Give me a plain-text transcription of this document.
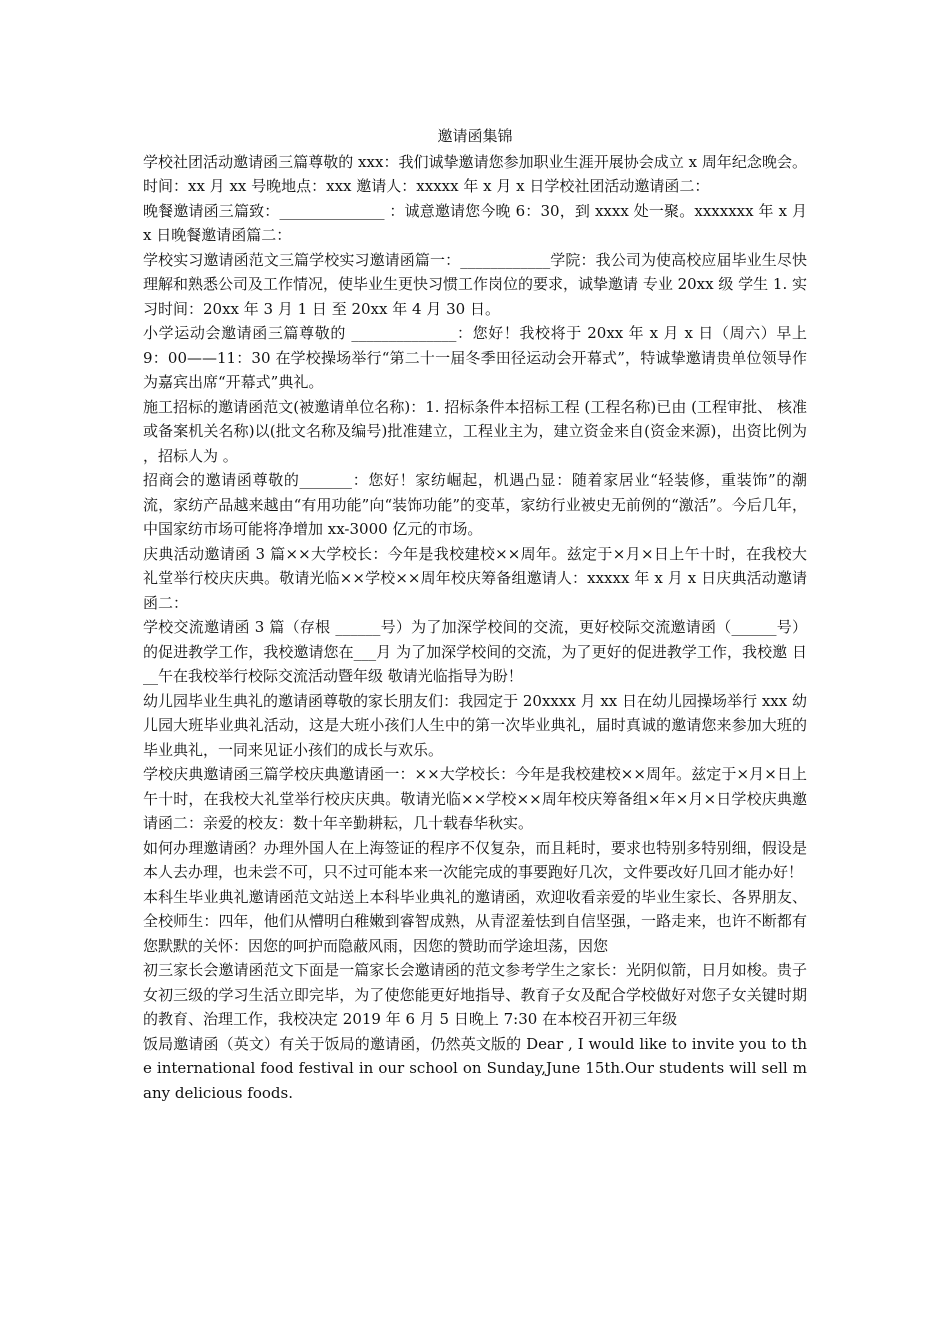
邀请函集锦

学校社团活动邀请函三篇尊敬的 xxx：我们诚挚邀请您参加职业生涯开展协会成立 x 周年纪念晚会。时间：xx 月 xx 号晚地点：xxx 邀请人：xxxxx 年 x 月 x 日学校社团活动邀请函二：

晚餐邀请函三篇致：______________ ：诚意邀请您今晚 6：30，到 xxxx 处一聚。xxxxxxx 年 x 月 x 日晚餐邀请函篇二：

学校实习邀请函范文三篇学校实习邀请函篇一：____________学院：我公司为使高校应届毕业生尽快理解和熟悉公司及工作情况，使毕业生更快习惯工作岗位的要求，诚挚邀请 专业 20xx 级 学生 1. 实习时间：20xx 年 3 月 1 日 至 20xx 年 4 月 30 日。

小学运动会邀请函三篇尊敬的 ______________：您好！我校将于 20xx 年 x 月 x 日（周六）早上 9：00——11：30 在学校操场举行“第二十一届冬季田径运动会开幕式”，特诚挚邀请贵单位领导作为嘉宾出席“开幕式”典礼。

施工招标的邀请函范文(被邀请单位名称)：1. 招标条件本招标工程 (工程名称)已由 (工程审批、 核准或备案机关名称)以(批文名称及编号)批准建立，工程业主为，建立资金来自(资金来源)，出资比例为 ，招标人为 。

招商会的邀请函尊敬的_______：您好！家纺崛起，机遇凸显：随着家居业“轻装修，重装饰”的潮流，家纺产品越来越由“有用功能”向“装饰功能”的变革，家纺行业被史无前例的“激活”。今后几年，中国家纺市场可能将净增加 xx-3000 亿元的市场。

庆典活动邀请函 3 篇××大学校长：今年是我校建校××周年。兹定于×月×日上午十时，在我校大礼堂举行校庆庆典。敬请光临××学校××周年校庆筹备组邀请人：xxxxx 年 x 月 x 日庆典活动邀请函二：

学校交流邀请函 3 篇（存根 ______号）为了加深学校间的交流，更好校际交流邀请函（______号）的促进教学工作，我校邀请您在___月 为了加深学校间的交流，为了更好的促进教学工作，我校邀 日__午在我校举行校际交流活动暨年级 敬请光临指导为盼！

幼儿园毕业生典礼的邀请函尊敬的家长朋友们：我园定于 20xxxx 月 xx 日在幼儿园操场举行 xxx 幼儿园大班毕业典礼活动，这是大班小孩们人生中的第一次毕业典礼，届时真诚的邀请您来参加大班的毕业典礼，一同来见证小孩们的成长与欢乐。

学校庆典邀请函三篇学校庆典邀请函一：××大学校长：今年是我校建校××周年。兹定于×月×日上午十时，在我校大礼堂举行校庆庆典。敬请光临××学校××周年校庆筹备组×年×月×日学校庆典邀请函二：亲爱的校友：数十年辛勤耕耘，几十载春华秋实。

如何办理邀请函？办理外国人在上海签证的程序不仅复杂，而且耗时，要求也特别多特别细，假设是本人去办理，也未尝不可，只不过可能本来一次能完成的事要跑好几次，文件要改好几回才能办好！

本科生毕业典礼邀请函范文站送上本科毕业典礼的邀请函，欢迎收看亲爱的毕业生家长、各界朋友、全校师生：四年，他们从懵明白稚嫩到睿智成熟，从青涩羞怯到自信坚强，一路走来，也许不断都有您默默的关怀：因您的呵护而隐蔽风雨，因您的赞助而学途坦荡，因您

初三家长会邀请函范文下面是一篇家长会邀请函的范文参考学生之家长：光阴似箭，日月如梭。贵子女初三级的学习生活立即完毕，为了使您能更好地指导、教育子女及配合学校做好对您子女关键时期的教育、治理工作，我校决定 2019 年 6 月 5 日晚上 7:30 在本校召开初三年级

饭局邀请函（英文）有关于饭局的邀请函，仍然英文版的 Dear , I would like to invite you to the international food festival in our school on Sunday,June 15th.Our students will sell many delicious foods.
